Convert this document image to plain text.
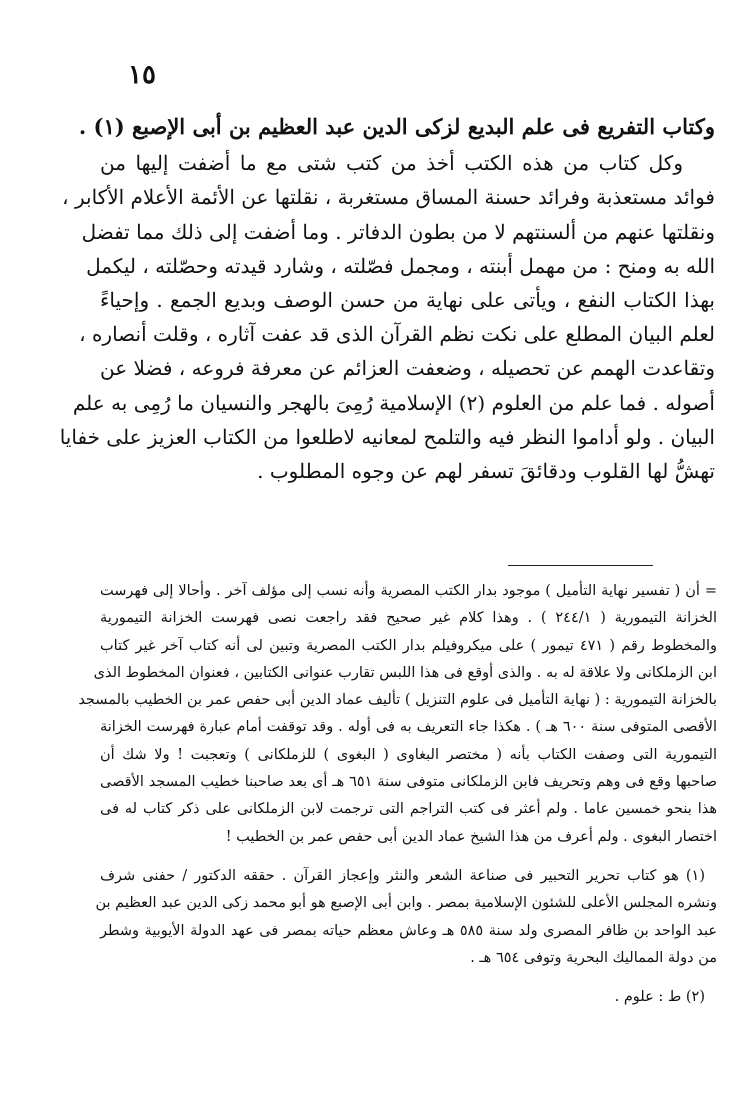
١٥

وكتاب التفريع فى علم البديع لزكى الدين عبد العظيم بن أبى الإصبع (١) .

وكل كتاب من هذه الكتب أخذ من كتب شتى مع ما أضفت إليها من

فوائد مستعذبة وفرائد حسنة المساق مستغربة ، نقلتها عن الأئمة الأعلام الأكابر ،

ونقلتها عنهم من ألسنتهم لا من بطون الدفاتر . وما أضفت إلى ذلك مما تفضل

الله به ومنح : من مهمل أبنته ، ومجمل فصّلته ، وشارد قيدته وحصّلته ، ليكمل

بهذا الكتاب النفع ، ويأتى على نهاية من حسن الوصف وبديع الجمع . وإحياءً

لعلم البيان المطلع على نكت نظم القرآن الذى قد عفت آثاره ، وقلت أنصاره ،

وتقاعدت الهمم عن تحصيله ، وضعفت العزائم عن معرفة فروعه ، فضلا عن

أصوله . فما علم من العلوم (٢) الإسلامية رُمِىَ بالهجر والنسيان ما رُمِى به علم

البيان . ولو أداموا النظر فيه والتلمح لمعانيه لاطلعوا من الكتاب العزيز على خفايا

تهشُّ لها القلوب ودقائقَ تسفر لهم عن وجوه المطلوب .

= أن ( تفسير نهاية التأميل ) موجود بدار الكتب المصرية وأنه نسب إلى مؤلف آخر . وأحالا إلى فهرست

الخزانة التيمورية ( ٢٤٤/١ ) . وهذا كلام غير صحيح فقد راجعت نصى فهرست الخزانة التيمورية

والمخطوط رقم ( ٤٧١ تيمور ) على ميكروفيلم بدار الكتب المصرية وتبين لى أنه كتاب آخر غير كتاب

ابن الزملكانى ولا علاقة له به . والذى أوقع فى هذا اللبس تقارب عنوانى الكتابين ، فعنوان المخطوط الذى

بالخزانة التيمورية : ( نهاية التأميل فى علوم التنزيل ) تأليف عماد الدين أبى حفص عمر بن الخطيب بالمسجد

الأقصى المتوفى سنة ٦٠٠ هـ ) . هكذا جاء التعريف به فى أوله . وقد توقفت أمام عبارة فهرست الخزانة

التيمورية التى وصفت الكتاب بأنه ( مختصر البغاوى ( البغوى ) للزملكانى ) وتعجبت ! ولا شك أن

صاحبها وقع فى وهم وتحريف فابن الزملكانى متوفى سنة ٦٥١ هـ أى بعد صاحبنا خطيب المسجد الأقصى

هذا بنحو خمسين عاما . ولم أعثر فى كتب التراجم التى ترجمت لابن الزملكانى على ذكر كتاب له فى

اختصار البغوى . ولم أعرف من هذا الشيخ عماد الدين أبى حفص عمر بن الخطيب !

(١) هو كتاب تحرير التحبير فى صناعة الشعر والنثر وإعجاز القرآن . حققه الدكتور / حفنى شرف

ونشره المجلس الأعلى للشئون الإسلامية بمصر . وابن أبى الإصبع هو أبو محمد زكى الدين عبد العظيم بن

عبد الواحد بن ظافر المصرى ولد سنة ٥٨٥ هـ وعاش معظم حياته بمصر فى عهد الدولة الأيوبية وشطر

من دولة المماليك البحرية وتوفى ٦٥٤ هـ .

(٢) ط : علوم .
